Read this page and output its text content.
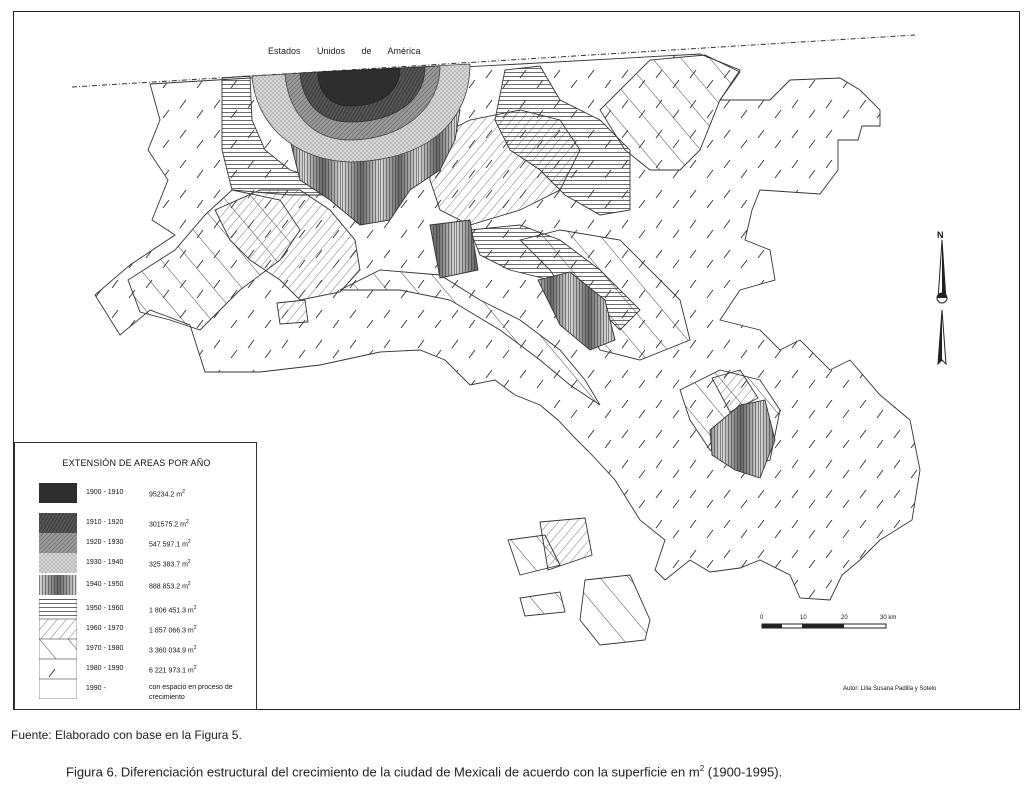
Estados Unidos de América
N
EXTENSIÓN DE AREAS POR AÑO
1900 - 1910	95234.2 $m^2$
1910 - 1920	301575.2 $m^2$
1920 - 1930	547 597.1 $m^2$
1930 - 1940	325 383.7 $m^2$
1940 - 1950	888 853.2 $m^2$
1950 - 1960	1 806 451.3 $m^2$
1960 - 1970	1 857 066.3 $m^2$
1970 - 1980	3 360 034.9 $m^2$
1980 - 1990	6 221 973.1 $m^2$
1990 -	con espacio en proceso de crecimiento
0	10	20	30 km
Autor: Lilia Susana Padilla y Sotelo
Fuente: Elaborado con base en la Figura 5.
Figura 6. Diferenciación estructural del crecimiento de la ciudad de Mexicali de acuerdo con la superficie en $m^2$ (1900-1995).
